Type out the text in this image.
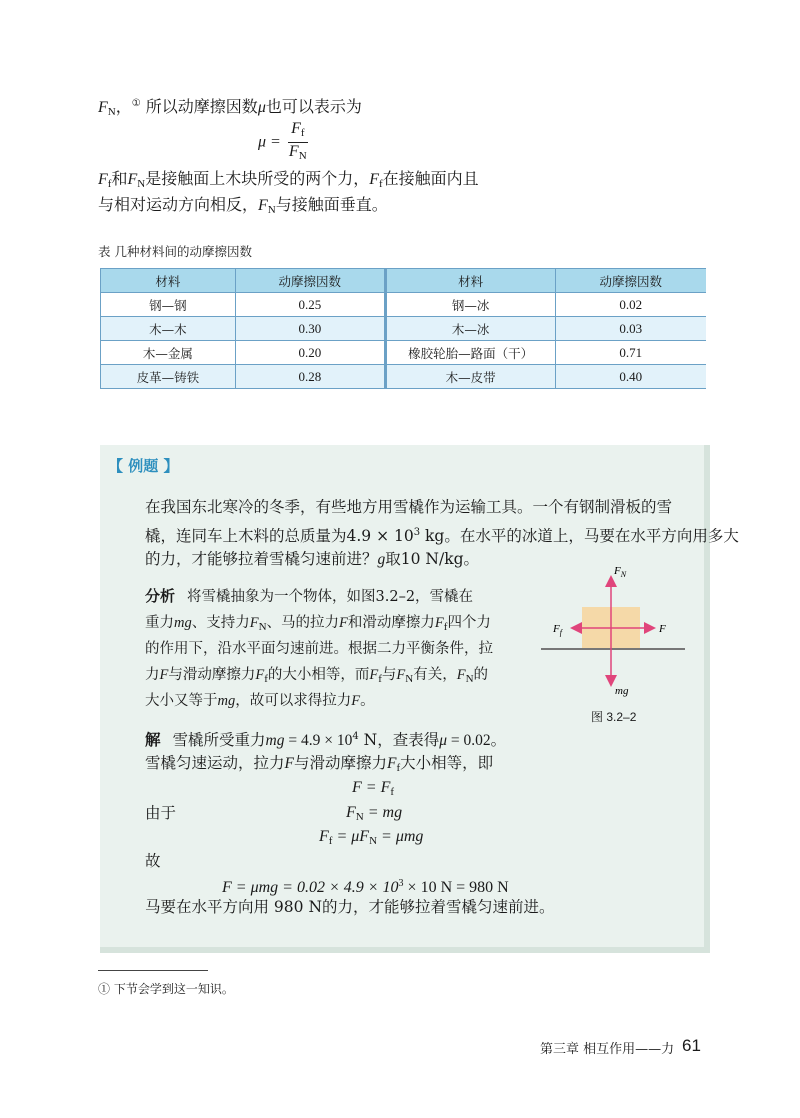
$F_N$，① 所以动摩擦因数μ也可以表示为
$\mu = \frac{F_f}{F_N}$
$F_f$和$F_N$是接触面上木块所受的两个力，$F_f$在接触面内且
与相对运动方向相反，$F_N$与接触面垂直。
表 几种材料间的动摩擦因数
材料	动摩擦因数	材料	动摩擦因数
钢—钢	0.25	钢—冰	0.02
木—木	0.30	木—冰	0.03
木—金属	0.20	橡胶轮胎—路面（干）	0.71
皮革—铸铁	0.28	木—皮带	0.40
【 例题 】
在我国东北寒冷的冬季，有些地方用雪橇作为运输工具。一个有钢制滑板的雪
橇，连同车上木料的总质量为$4.9 \times 10^3$ kg。在水平的冰道上，马要在水平方向用多大
的力，才能够拉着雪橇匀速前进？g取10 N/kg。
分析 将雪橇抽象为一个物体，如图3.2–2，雪橇在
重力mg、支持力$F_N$、马的拉力F和滑动摩擦力$F_f$四个力
的作用下，沿水平面匀速前进。根据二力平衡条件，拉
力F与滑动摩擦力$F_f$的大小相等，而$F_f$与$F_N$有关，$F_N$的
大小又等于mg，故可以求得拉力F。
解 雪橇所受重力mg = $4.9 \times 10^4$ N，查表得μ = 0.02。
雪橇匀速运动，拉力F与滑动摩擦力$F_f$大小相等，即
$F = F_f$
由于	$F_N$ = mg
$F_f = \mu F_N = \mu mg$
故
$F = \mu mg = 0.02 \times 4.9 \times 10^3 \times 10$ N = 980 N
马要在水平方向用 980 N的力，才能够拉着雪橇匀速前进。
$F_N$
$F_f$	F
mg
图 3.2–2
① 下节会学到这一知识。
第三章 相互作用——力 61
